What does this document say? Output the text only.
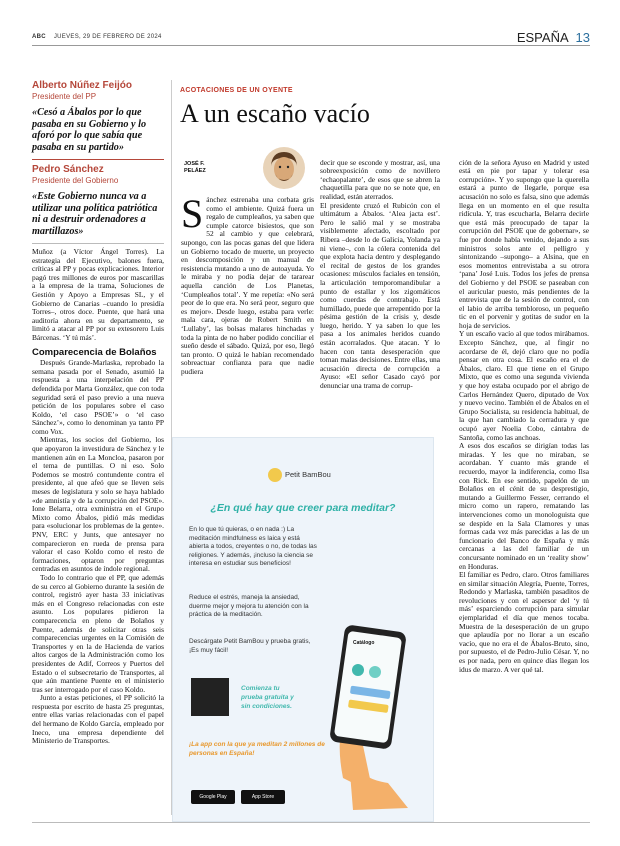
ABC JUEVES, 29 DE FEBRERO DE 2024	ESPAÑA 13
Alberto Núñez Feijóo
Presidente del PP
«Cesó a Ábalos por lo que pasaba en su Gobierno y lo aforó por lo que sabía que pasaba en su partido»
Pedro Sánchez
Presidente del Gobierno
«Este Gobierno nunca va a utilizar una política patriótica ni a destruir ordenadores a martillazos»

Muñoz (a Víctor Ángel Torres). La estrategia del Ejecutivo, balones fuera, críticas al PP y pocas explicaciones. Interior pagó tres millones de euros por mascarillas a la empresa de la trama, Soluciones de Gestión y Apoyo a Empresas SL, y el Gobierno de Canarias –cuando lo presidía Torres–, otros doce. Puente, que hará una auditoría ahora en su departamento, se limitó a atacar al PP por su extesorero Luis Bárcenas. ‘Y tú más’.

Comparecencia de Bolaños

Después Grande-Marlaska, reprobado la semana pasada por el Senado, asumió la respuesta a una interpelación del PP defendida por Marta González, que con toda seguridad será el paso previo a una nueva petición de los populares sobre el caso Koldo, ‘el caso PSOE’» o ‘el caso Sánchez’», como lo denominan ya tanto PP como Vox.

Mientras, los socios del Gobierno, los que apoyaron la investidura de Sánchez y le mantienen aún en La Moncloa, pasaron por el tema de puntillas. O ni eso. Solo Podemos se mostró contundente contra el presidente, al que afeó que se lleven seis meses de legislatura y solo se haya hablado «de amnistía y de la corrupción del PSOE». Ione Belarra, otra exministra en el Grupo Mixto como Ábalos, pidió más medidas para «solucionar los problemas de la gente». PNV, ERC y Junts, que antesayer no comparecieron en rueda de prensa para valorar el caso Koldo como el resto de formaciones, optaron por preguntas centradas en asuntos de índole regional.

Todo lo contrario que el PP, que además de su cerco al Gobierno durante la sesión de control, registró ayer hasta 33 iniciativas más en el Congreso relacionadas con este asunto. Los populares pidieron la comparecencia en pleno de Bolaños y Puente, además de solicitar otras seis comparecencias urgentes en la Comisión de Transportes y en la de Hacienda de varios altos cargos de la Administración como los presidentes de Adif, Correos y Puertos del Estado o el subsecretario de Transportes, al que aún mantiene Puente en el ministerio tras ser interrogado por el caso Koldo.

Junto a estas peticiones, el PP solicitó la respuesta por escrito de hasta 25 preguntas, entre ellas varias relacionadas con el papel del hermano de Koldo García, empleado por Ineco, una empresa dependiente del Ministerio de Transportes.

ACOTACIONES DE UN OYENTE
A un escaño vacío
JOSÉ F. PELÁEZ
Sánchez estrenaba una corbata gris como el ambiente. Quizá fuera un regalo de cumpleaños, ya saben que cumple catorce bisiestos, que son 52 al cambio y que celebrará, supongo, con las pocas ganas del que lidera un Gobierno tocado de muerte, un proyecto en descomposición y un manual de resistencia mutando a uno de autoayuda. Yo le miraba y no podía dejar de tararear aquella canción de Los Planetas, ‘Cumpleaños total’. Y me repetía: «No será peor de lo que era. No será peor, seguro que es mejor». Desde luego, estaba para verle: mala cara, ojeras de Robert Smith en ‘Lullaby’, las bolsas malares hinchadas y toda la pinta de no haber podido conciliar el sueño desde el sábado. Quizá, por eso, llegó tan pronto. O quizá le habían recomendado sobreactuar confianza para que nadie pudiera

decir que se esconde y mostrar, así, una sobreexposición como de novillero ‘echaopalante’, de esos que se abren la chaquetilla para que no se note que, en realidad, están aterrados.
El presidente cruzó el Rubicón con el ultimátum a Ábalos. ‘Alea jacta est’. Pero le salió mal y se mostraba visiblemente afectado, escoltado por Ribera –desde lo de Galicia, Yolanda ya ni viene–, con la cólera contenida del que explota hacia dentro y desplegando el recital de gestos de los grandes ocasiones: músculos faciales en tensión, la articulación temporomandibular a punto de estallar y los zigomáticos como cuerdas de contrabajo. Está humillado, puede que arrepentido por la pésima gestión de la crisis y, desde luego, herido. Y ya saben lo que les pasa a los animales heridos cuando están acorralados. Que atacan. Y lo hacen con tanta desesperación que toman malas decisiones. Entre ellas, una acusación directa de corrupción a Ayuso: «El señor Casado cayó por denunciar una trama de corrup-

ción de la señora Ayuso en Madrid y usted está en pie por tapar y tolerar esa corrupción». Y yo supongo que la querella estará a punto de llegarle, porque esa acusación no solo es falsa, sino que además llega en un momento en el que resulta ridícula. Y, tras escucharla, Belarra decirle que está más preocupado de tapar la corrupción del PSOE que de gobernar», se fue por donde había venido, dejando a sus ministros solos ante el pelligro y sintonizando –supongo– a Alsina, que en esos momentos entrevistaba a su otrora ‘pana’ José Luis. Todos los jefes de prensa del Gobierno y del PSOE se paseaban con el auricular puesto, más pendientes de la entrevista que de la sesión de control, con el labio de arriba tembloroso, un pequeño tic en el porvenir y gotitas de sudor en la hoja de servicios.
Y un escaño vacío al que todos mirábamos. Excepto Sánchez, que, al fingir no acordarse de él, dejó claro que no podía pensar en otra cosa. El escaño era el de Ábalos, claro. El que tiene en el Grupo Mixto, que es como una segunda vivienda y que hoy estaba ocupado por el abrigo de Carlos Hernández Quero, diputado de Vox y nuevo vecino. También el de Ábalos en el Grupo Socialista, su residencia habitual, de la que han cambiado la cerradura y que ocupó ayer Noelia Cobo, cántabra de Santoña, como las anchoas.
A esos dos escaños se dirigían todas las miradas. Y les que no miraban, se acordaban. Y cuanto más grande el recuerdo, mayor la indiferencia, como Ilsa con Rick. En ese sentido, papelón de un Bolaños en el cénit de su desprestigio, mutando a Guillermo Fesser, cerrando el micro como un rapero, rematando las intervenciones como un monologuista que se despide en la Sala Clamores y unas formas cada vez más parecidas a las de un funcionario del Banco de España y más cercanas a las del familiar de un concursante nominado en un ‘reality show’ en Honduras.
El familiar es Pedro, claro. Otros familiares en similar situación Alegría, Puente, Torres, Redondo y Marlaska, también pasaditos de revoluciones y con el aspersor del ‘y tú más’ esparciendo corrupción para simular ejemplaridad el día que menos tocaba. Muestra de la desesperación de un grupo que aplaudía por no llorar a un escaño vacío, que no era el de Ábalos-Bruto, sino, por supuesto, el de Pedro-Julio César. Y, no es por nada, pero en quince días llegan los idus de marzo. A ver qué tal.

Petit BamBou
¿En qué hay que creer para meditar?
En lo que tú quieras, o en nada :) La meditación mindfulness es laica y está abierta a todos, creyentes o no, de todas las religiones. Y además, ¡incluso la ciencia se interesa en estudiar sus beneficios!
Reduce el estrés, maneja la ansiedad, duerme mejor y mejora tu atención con la práctica de la meditación.
Descárgate Petit BamBou y prueba gratis, ¡Es muy fácil!
Comienza tu prueba gratuita y sin condiciones.
¡La app con la que ya meditan 2 millones de personas en España!
Google Play	App Store
Catálogo
